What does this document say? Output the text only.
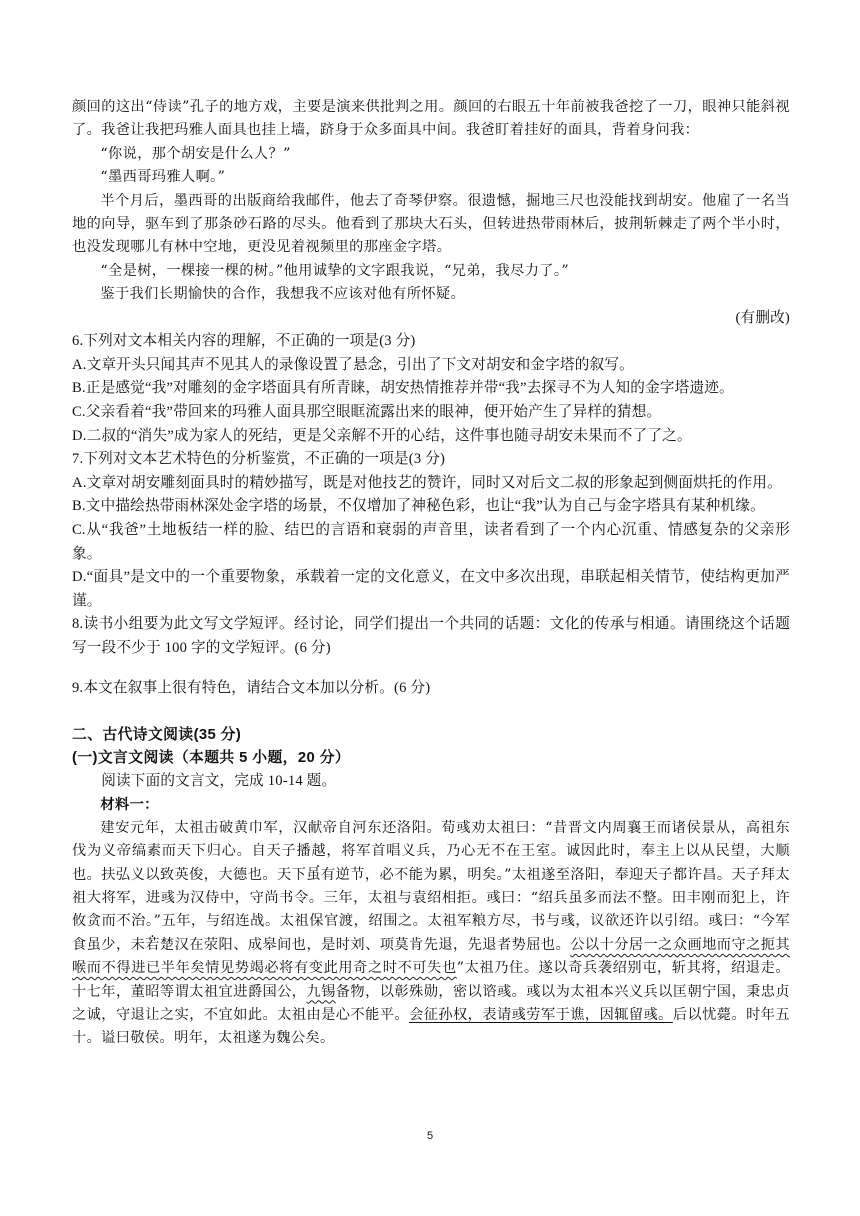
颜回的这出“侍读”孔子的地方戏，主要是演来供批判之用。颜回的右眼五十年前被我爸挖了一刀，眼神只能斜视了。我爸让我把玛雅人面具也挂上墙，跻身于众多面具中间。我爸盯着挂好的面具，背着身问我：

“你说，那个胡安是什么人？”

“墨西哥玛雅人啊。”

半个月后，墨西哥的出版商给我邮件，他去了奇琴伊察。很遗憾，掘地三尺也没能找到胡安。他雇了一名当地的向导，驱车到了那条砂石路的尽头。他看到了那块大石头，但转进热带雨林后，披荆斩棘走了两个半小时，也没发现哪儿有林中空地，更没见着视频里的那座金字塔。

“全是树，一棵接一棵的树。”他用诚挚的文字跟我说，“兄弟，我尽力了。”

鉴于我们长期愉快的合作，我想我不应该对他有所怀疑。

(有删改)

6.下列对文本相关内容的理解，不正确的一项是(3 分)

A.文章开头只闻其声不见其人的录像设置了悬念，引出了下文对胡安和金字塔的叙写。

B.正是感觉“我”对雕刻的金字塔面具有所青睐，胡安热情推荐并带“我”去探寻不为人知的金字塔遗迹。

C.父亲看着“我”带回来的玛雅人面具那空眼眶流露出来的眼神，便开始产生了异样的猜想。

D.二叔的“消失”成为家人的死结，更是父亲解不开的心结，这件事也随寻胡安未果而不了了之。

7.下列对文本艺术特色的分析鉴赏，不正确的一项是(3 分)

A.文章对胡安雕刻面具时的精妙描写，既是对他技艺的赞许，同时又对后文二叔的形象起到侧面烘托的作用。

B.文中描绘热带雨林深处金字塔的场景，不仅增加了神秘色彩，也让“我”认为自己与金字塔具有某种机缘。

C.从“我爸”土地板结一样的脸、结巴的言语和衰弱的声音里，读者看到了一个内心沉重、情感复杂的父亲形象。

D.“面具”是文中的一个重要物象，承载着一定的文化意义，在文中多次出现，串联起相关情节，使结构更加严谨。

8.读书小组要为此文写文学短评。经讨论，同学们提出一个共同的话题：文化的传承与相通。请围绕这个话题写一段不少于 100 字的文学短评。(6 分)

9.本文在叙事上很有特色，请结合文本加以分析。(6 分)

二、古代诗文阅读(35 分)

(一)文言文阅读（本题共 5 小题，20 分）

阅读下面的文言文，完成 10-14 题。

材料一：

建安元年，太祖击破黄巾军，汉献帝自河东还洛阳。荀彧劝太祖曰：“昔晋文内周襄王而诸侯景从，高祖东伐为义帝缟素而天下归心。自天子播越，将军首唱义兵，乃心无不在王室。诚因此时，奉主上以从民望，大顺也。扶弘义以致英俊，大德也。天下虽有逆节，必不能为累，明矣。”太祖遂至洛阳，奉迎天子都许昌。天子拜太祖大将军，进彧为汉侍中，守尚书令。三年，太祖与袁绍相拒。彧曰：“绍兵虽多而法不整。田丰刚而犯上，许攸贪而不治。”五年，与绍连战。太祖保官渡，绍围之。太祖军粮方尽，书与彧，议欲还许以引绍。彧曰：“今军食虽少，未若楚汉在荥阳、成皋间也，是时刘、项莫肯先退，先退者势屈也。公以十分居一之众画地而守之扼其喉而不得进已半年矣情见势竭必将有变此用奇之时不可失也”太祖乃住。遂以奇兵袭绍别屯，斩其将，绍退走。十七年，董昭等谓太祖宜进爵国公，九锡备物，以彰殊勋，密以谘彧。彧以为太祖本兴义兵以匡朝宁国，秉忠贞之诚，守退让之实，不宜如此。太祖由是心不能平。会征孙权，表请彧劳军于谯，因辄留彧。后以忧薨。时年五十。谥曰敬侯。明年，太祖遂为魏公矣。

5
